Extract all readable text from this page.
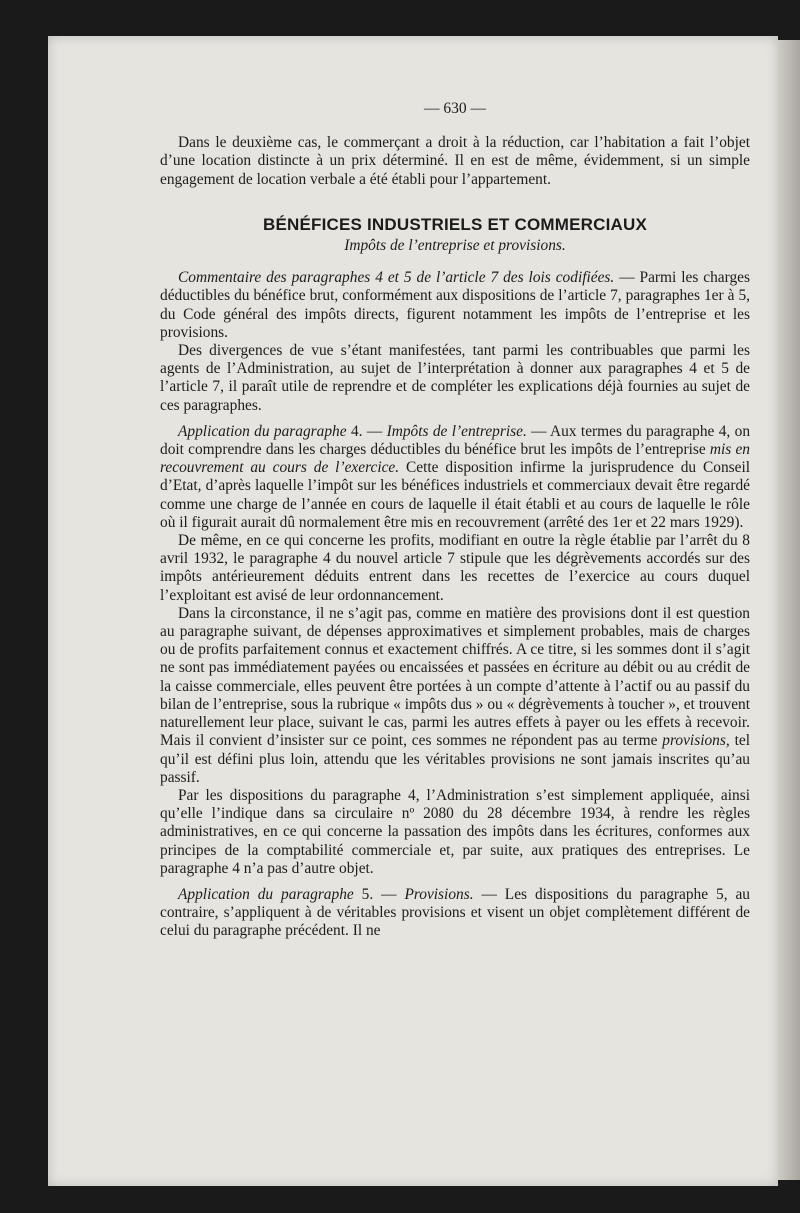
— 630 —

Dans le deuxième cas, le commerçant a droit à la réduction, car l’habitation a fait l’objet d’une location distincte à un prix déterminé. Il en est de même, évidemment, si un simple engagement de location verbale a été établi pour l’appartement.

BÉNÉFICES INDUSTRIELS ET COMMERCIAUX
Impôts de l’entreprise et provisions.

Commentaire des paragraphes 4 et 5 de l’article 7 des lois codifiées. — Parmi les charges déductibles du bénéfice brut, conformément aux dispositions de l’article 7, paragraphes 1er à 5, du Code général des impôts directs, figurent notamment les impôts de l’entreprise et les provisions.

Des divergences de vue s’étant manifestées, tant parmi les contribuables que parmi les agents de l’Administration, au sujet de l’interprétation à donner aux paragraphes 4 et 5 de l’article 7, il paraît utile de reprendre et de compléter les explications déjà fournies au sujet de ces paragraphes.

Application du paragraphe 4. — Impôts de l’entreprise. — Aux termes du paragraphe 4, on doit comprendre dans les charges déductibles du bénéfice brut les impôts de l’entreprise mis en recouvrement au cours de l’exercice. Cette disposition infirme la jurisprudence du Conseil d’Etat, d’après laquelle l’impôt sur les bénéfices industriels et commerciaux devait être regardé comme une charge de l’année en cours de laquelle il était établi et au cours de laquelle le rôle où il figurait aurait dû normalement être mis en recouvrement (arrêté des 1er et 22 mars 1929).

De même, en ce qui concerne les profits, modifiant en outre la règle établie par l’arrêt du 8 avril 1932, le paragraphe 4 du nouvel article 7 stipule que les dégrèvements accordés sur des impôts antérieurement déduits entrent dans les recettes de l’exercice au cours duquel l’exploitant est avisé de leur ordonnancement.

Dans la circonstance, il ne s’agit pas, comme en matière des provisions dont il est question au paragraphe suivant, de dépenses approximatives et simplement probables, mais de charges ou de profits parfaitement connus et exactement chiffrés. A ce titre, si les sommes dont il s’agit ne sont pas immédiatement payées ou encaissées et passées en écriture au débit ou au crédit de la caisse commerciale, elles peuvent être portées à un compte d’attente à l’actif ou au passif du bilan de l’entreprise, sous la rubrique « impôts dus » ou « dégrèvements à toucher », et trouvent naturellement leur place, suivant le cas, parmi les autres effets à payer ou les effets à recevoir. Mais il convient d’insister sur ce point, ces sommes ne répondent pas au terme provisions, tel qu’il est défini plus loin, attendu que les véritables provisions ne sont jamais inscrites qu’au passif.

Par les dispositions du paragraphe 4, l’Administration s’est simplement appliquée, ainsi qu’elle l’indique dans sa circulaire nº 2080 du 28 décembre 1934, à rendre les règles administratives, en ce qui concerne la passation des impôts dans les écritures, conformes aux principes de la comptabilité commerciale et, par suite, aux pratiques des entreprises. Le paragraphe 4 n’a pas d’autre objet.

Application du paragraphe 5. — Provisions. — Les dispositions du paragraphe 5, au contraire, s’appliquent à de véritables provisions et visent un objet complètement différent de celui du paragraphe précédent. Il ne
